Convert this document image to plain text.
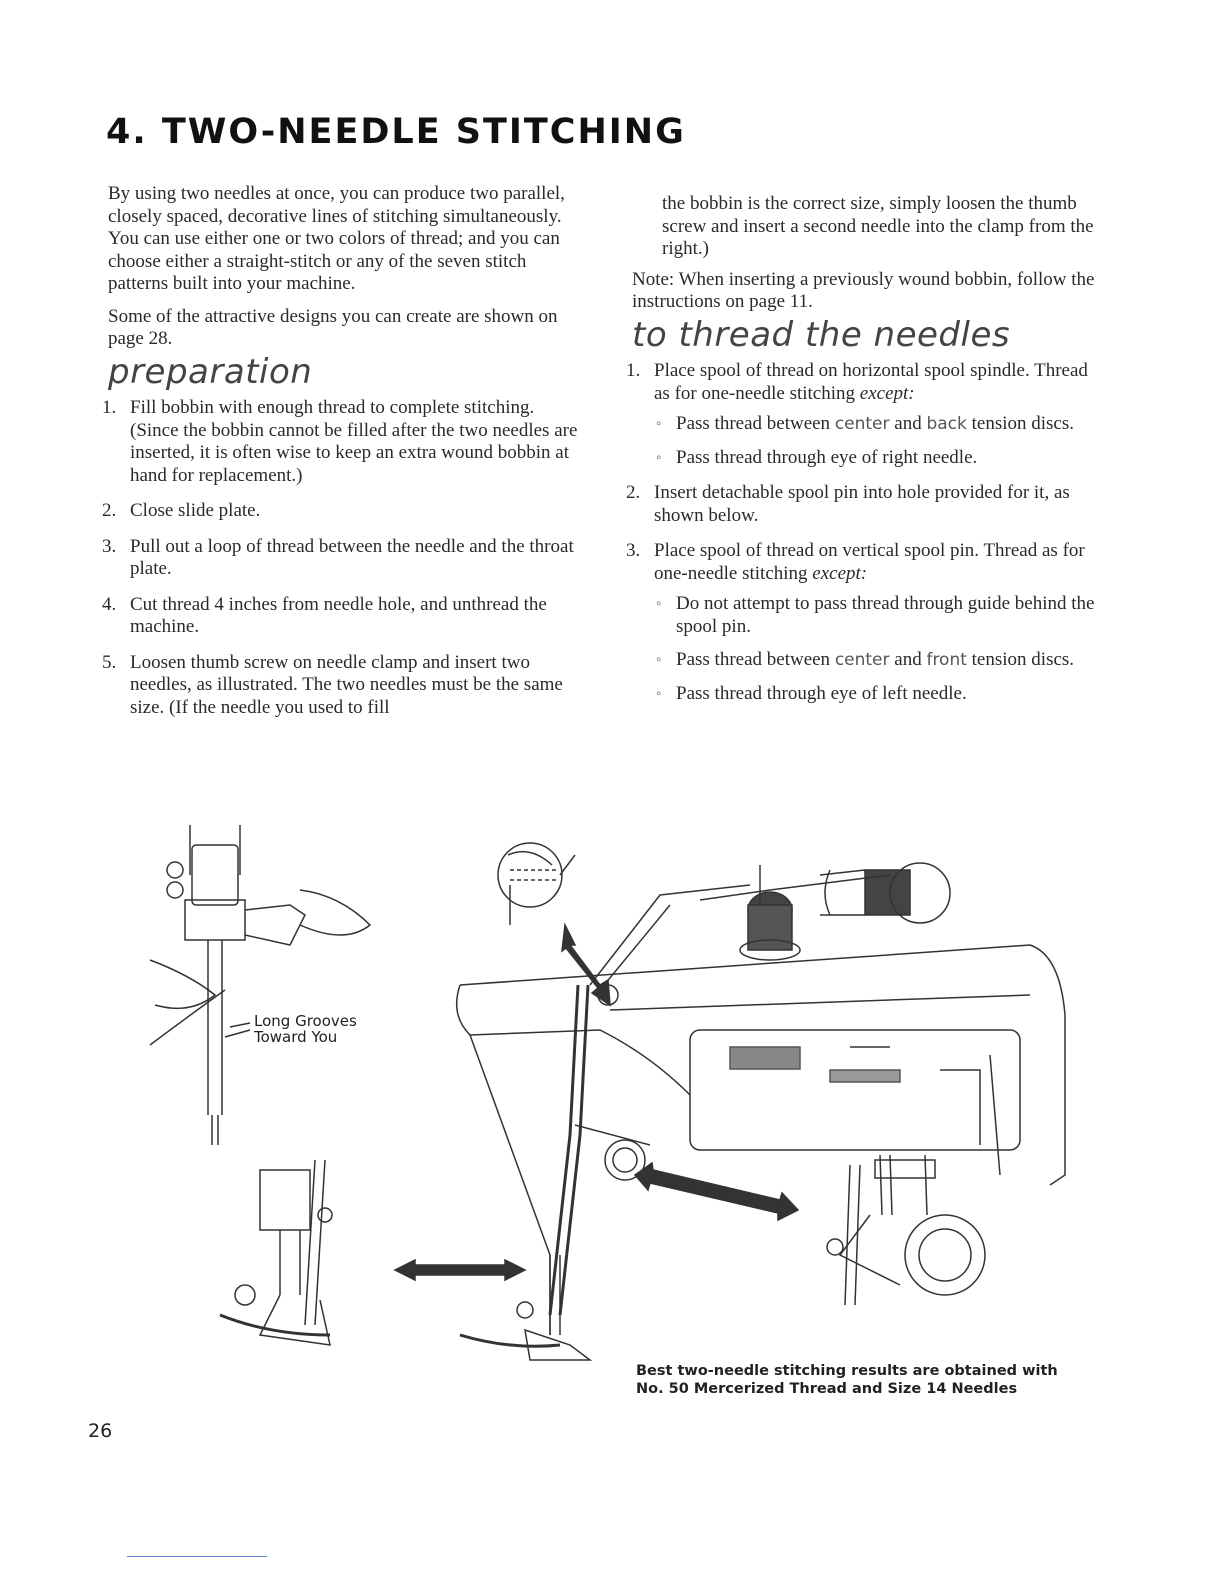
4. TWO-NEEDLE STITCHING

By using two needles at once, you can produce two parallel, closely spaced, decorative lines of stitching simultaneously. You can use either one or two colors of thread; and you can choose either a straight-stitch or any of the seven stitch patterns built into your machine.

Some of the attractive designs you can create are shown on page 28.

preparation
1. Fill bobbin with enough thread to complete stitching. (Since the bobbin cannot be filled after the two needles are inserted, it is often wise to keep an extra wound bobbin at hand for replacement.)
2. Close slide plate.
3. Pull out a loop of thread between the needle and the throat plate.
4. Cut thread 4 inches from needle hole, and unthread the machine.
5. Loosen thumb screw on needle clamp and insert two needles, as illustrated. The two needles must be the same size. (If the needle you used to fill

the bobbin is the correct size, simply loosen the thumb screw and insert a second needle into the clamp from the right.)

Note: When inserting a previously wound bobbin, follow the instructions on page 11.

to thread the needles
1. Place spool of thread on horizontal spool spindle. Thread as for one-needle stitching except:
◦ Pass thread between center and back tension discs.
◦ Pass thread through eye of right needle.
2. Insert detachable spool pin into hole provided for it, as shown below.
3. Place spool of thread on vertical spool pin. Thread as for one-needle stitching except:
◦ Do not attempt to pass thread through guide behind the spool pin.
◦ Pass thread between center and front tension discs.
◦ Pass thread through eye of left needle.
Long Grooves
Toward You
Best two-needle stitching results are obtained with
No. 50 Mercerized Thread and Size 14 Needles
26
